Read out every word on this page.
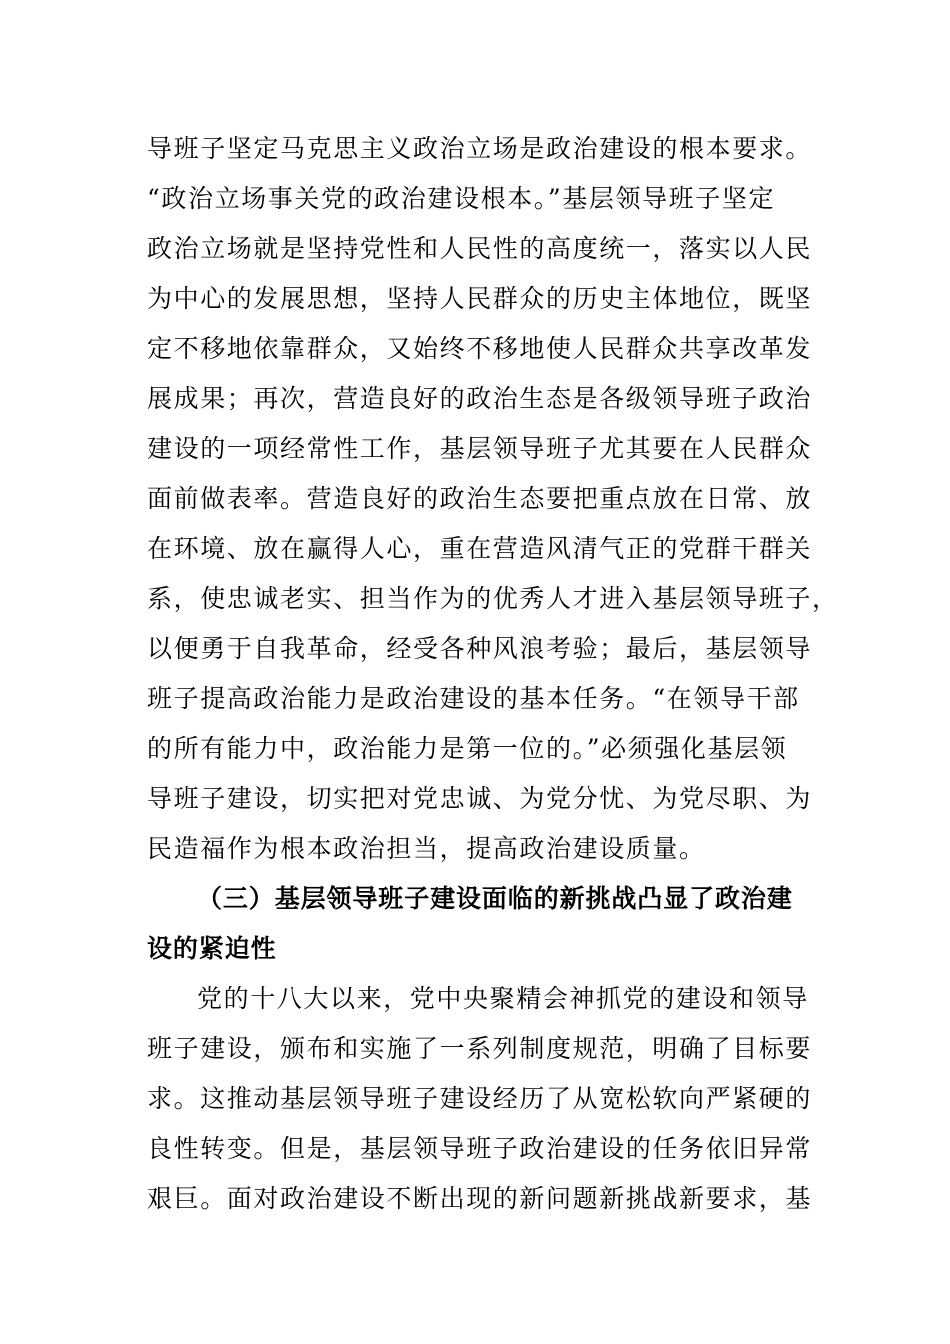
导班子坚定马克思主义政治立场是政治建设的根本要求。
“政治立场事关党的政治建设根本。”基层领导班子坚定
政治立场就是坚持党性和人民性的高度统一，落实以人民
为中心的发展思想，坚持人民群众的历史主体地位，既坚
定不移地依靠群众，又始终不移地使人民群众共享改革发
展成果；再次，营造良好的政治生态是各级领导班子政治
建设的一项经常性工作，基层领导班子尤其要在人民群众
面前做表率。营造良好的政治生态要把重点放在日常、放
在环境、放在赢得人心，重在营造风清气正的党群干群关
系，使忠诚老实、担当作为的优秀人才进入基层领导班子，
以便勇于自我革命，经受各种风浪考验；最后，基层领导
班子提高政治能力是政治建设的基本任务。“在领导干部
的所有能力中，政治能力是第一位的。”必须强化基层领
导班子建设，切实把对党忠诚、为党分忧、为党尽职、为
民造福作为根本政治担当，提高政治建设质量。
（三）基层领导班子建设面临的新挑战凸显了政治建
设的紧迫性
党的十八大以来，党中央聚精会神抓党的建设和领导
班子建设，颁布和实施了一系列制度规范，明确了目标要
求。这推动基层领导班子建设经历了从宽松软向严紧硬的
良性转变。但是，基层领导班子政治建设的任务依旧异常
艰巨。面对政治建设不断出现的新问题新挑战新要求，基
